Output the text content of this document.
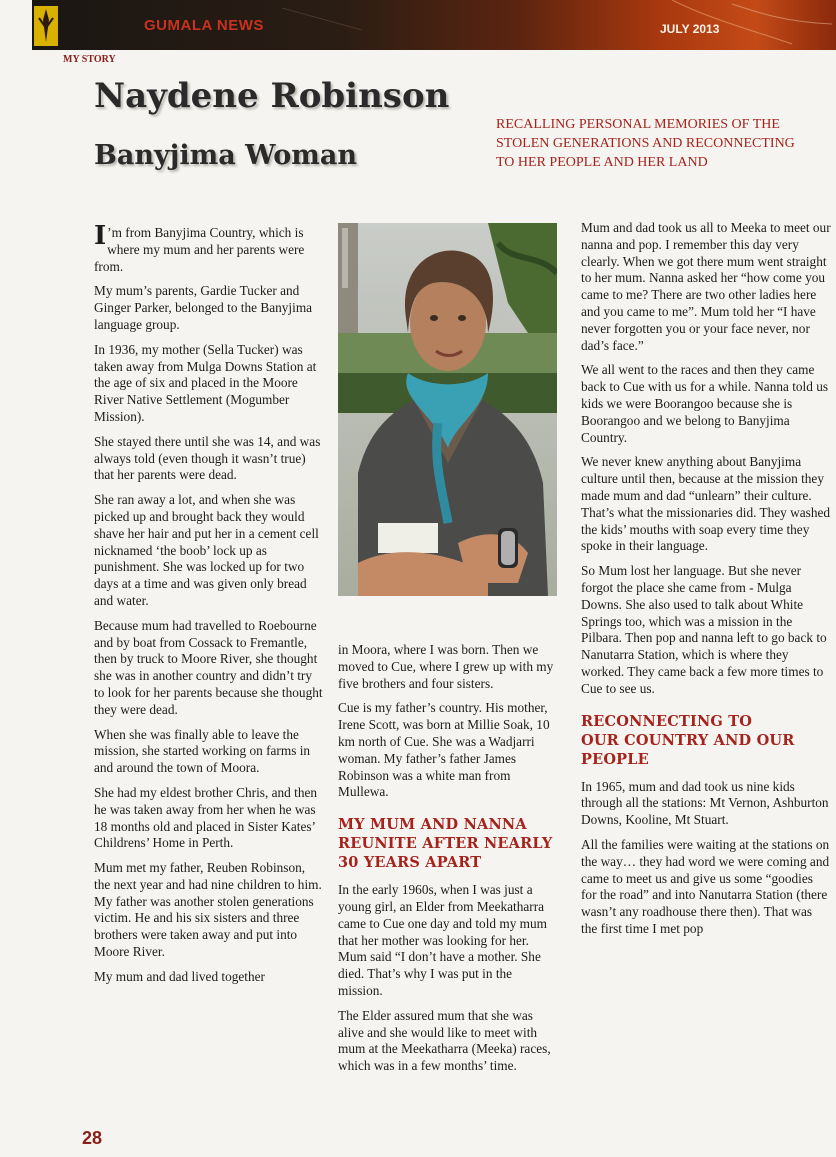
GUMALA NEWS	JULY 2013
MY STORY
Naydene Robinson
Banyjima Woman
RECALLING PERSONAL MEMORIES OF THE
STOLEN GENERATIONS AND RECONNECTING
TO HER PEOPLE AND HER LAND

I ’m from Banyjima Country, which is where my mum and her parents were from.

My mum’s parents, Gardie Tucker and Ginger Parker, belonged to the Banyjima language group.

In 1936, my mother (Sella Tucker) was taken away from Mulga Downs Station at the age of six and placed in the Moore River Native Settlement (Mogumber Mission).

She stayed there until she was 14, and was always told (even though it wasn’t true) that her parents were dead.

She ran away a lot, and when she was picked up and brought back they would shave her hair and put her in a cement cell nicknamed ‘the boob’ lock up as punishment. She was locked up for two days at a time and was given only bread and water.

Because mum had travelled to Roebourne and by boat from Cossack to Fremantle, then by truck to Moore River, she thought she was in another country and didn’t try to look for her parents because she thought they were dead.

When she was finally able to leave the mission, she started working on farms in and around the town of Moora.

She had my eldest brother Chris, and then he was taken away from her when he was 18 months old and placed in Sister Kates’ Childrens’ Home in Perth.

Mum met my father, Reuben Robinson, the next year and had nine children to him. My father was another stolen generations victim. He and his six sisters and three brothers were taken away and put into Moore River.

My mum and dad lived together

in Moora, where I was born. Then we moved to Cue, where I grew up with my five brothers and four sisters.

Cue is my father’s country. His mother, Irene Scott, was born at Millie Soak, 10 km north of Cue. She was a Wadjarri woman. My father’s father James Robinson was a white man from Mullewa.

MY MUM AND NANNA
REUNITE AFTER NEARLY
30 YEARS APART

In the early 1960s, when I was just a young girl, an Elder from Meekatharra came to Cue one day and told my mum that her mother was looking for her. Mum said “I don’t have a mother. She died. That’s why I was put in the mission.

The Elder assured mum that she was alive and she would like to meet with mum at the Meekatharra (Meeka) races, which was in a few months’ time.

Mum and dad took us all to Meeka to meet our nanna and pop. I remember this day very clearly. When we got there mum went straight to her mum. Nanna asked her “how come you came to me? There are two other ladies here and you came to me”. Mum told her “I have never forgotten you or your face never, nor dad’s face.”

We all went to the races and then they came back to Cue with us for a while. Nanna told us kids we were Boorangoo because she is Boorangoo and we belong to Banyjima Country.

We never knew anything about Banyjima culture until then, because at the mission they made mum and dad “unlearn” their culture. That’s what the missionaries did. They washed the kids’ mouths with soap every time they spoke in their language.

So Mum lost her language. But she never forgot the place she came from - Mulga Downs. She also used to talk about White Springs too, which was a mission in the Pilbara. Then pop and nanna left to go back to Nanutarra Station, which is where they worked. They came back a few more times to Cue to see us.

RECONNECTING TO
OUR COUNTRY AND OUR
PEOPLE

In 1965, mum and dad took us nine kids through all the stations: Mt Vernon, Ashburton Downs, Kooline, Mt Stuart.

All the families were waiting at the stations on the way… they had word we were coming and came to meet us and give us some “goodies for the road” and into Nanutarra Station (there wasn’t any roadhouse there then). That was the first time I met pop

28
